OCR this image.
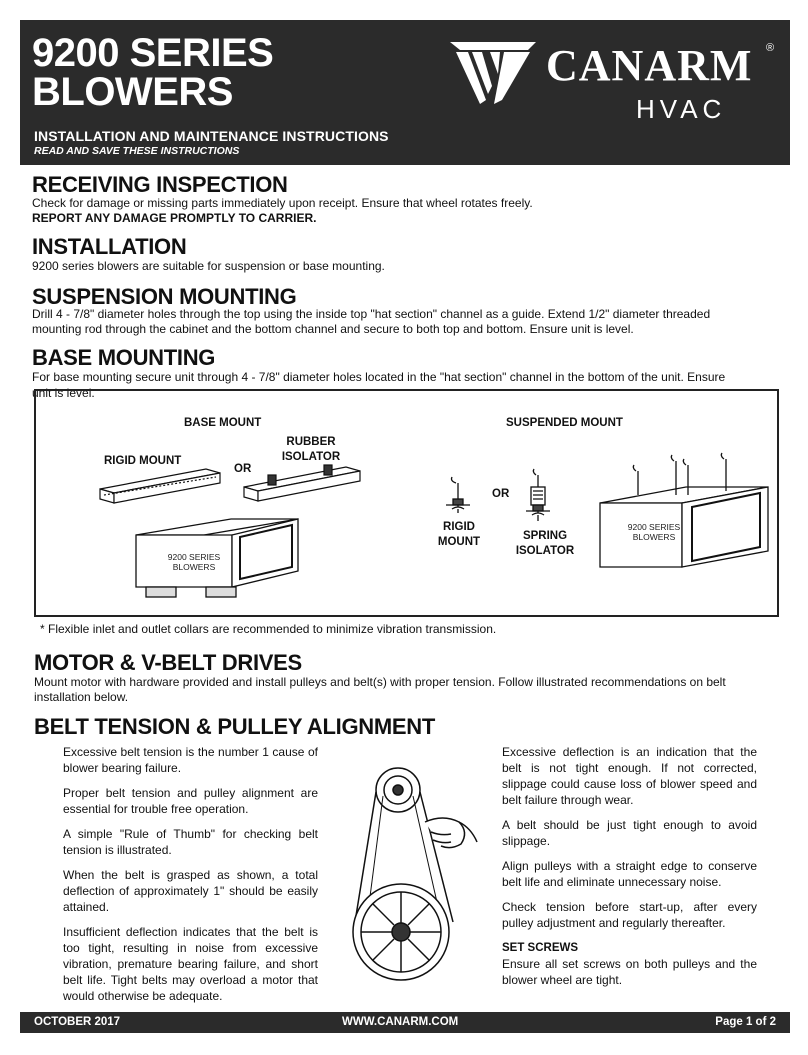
9200 SERIES
BLOWERS
INSTALLATION AND MAINTENANCE INSTRUCTIONS
READ AND SAVE THESE INSTRUCTIONS
CANARM ®
HVAC
RECEIVING INSPECTION
Check for damage or missing parts immediately upon receipt. Ensure that wheel rotates freely.
REPORT ANY DAMAGE PROMPTLY TO CARRIER.
INSTALLATION
9200 series blowers are suitable for suspension or base mounting.
SUSPENSION MOUNTING
Drill 4 - 7/8" diameter holes through the top using the inside top "hat section" channel as a guide. Extend 1/2" diameter threaded
mounting rod through the cabinet and the bottom channel and secure to both top and bottom. Ensure unit is level.
BASE MOUNTING
For base mounting secure unit through 4 - 7/8" diameter holes located in the "hat section" channel in the bottom of the unit. Ensure
unit is level.
BASE MOUNT	SUSPENDED MOUNT
RIGID MOUNT
OR
RUBBER
ISOLATOR
9200 SERIES
BLOWERS
OR
RIGID
MOUNT	SPRING
ISOLATOR
9200 SERIES
BLOWERS
* Flexible inlet and outlet collars are recommended to minimize vibration transmission.
MOTOR & V-BELT DRIVES
Mount motor with hardware provided and install pulleys and belt(s) with proper tension. Follow illustrated recommendations on belt
installation below.
BELT TENSION & PULLEY ALIGNMENT

Excessive belt tension is the number 1 cause of blower bearing failure.

Proper belt tension and pulley alignment are essential for trouble free operation.

A simple "Rule of Thumb" for checking belt tension is illustrated.

When the belt is grasped as shown, a total deflection of approximately 1" should be easily attained.

Insufficient deflection indicates that the belt is too tight, resulting in noise from excessive vibration, premature bearing failure, and short belt life. Tight belts may overload a motor that would otherwise be adequate.

Excessive deflection is an indication that the belt is not tight enough. If not corrected, slippage could cause loss of blower speed and belt failure through wear.

A belt should be just tight enough to avoid slippage.

Align pulleys with a straight edge to conserve belt life and eliminate unnecessary noise.

Check tension before start-up, after every pulley adjustment and regularly thereafter.

SET SCREWS
Ensure all set screws on both pulleys and the blower wheel are tight.
OCTOBER 2017	WWW.CANARM.COM	Page 1 of 2
